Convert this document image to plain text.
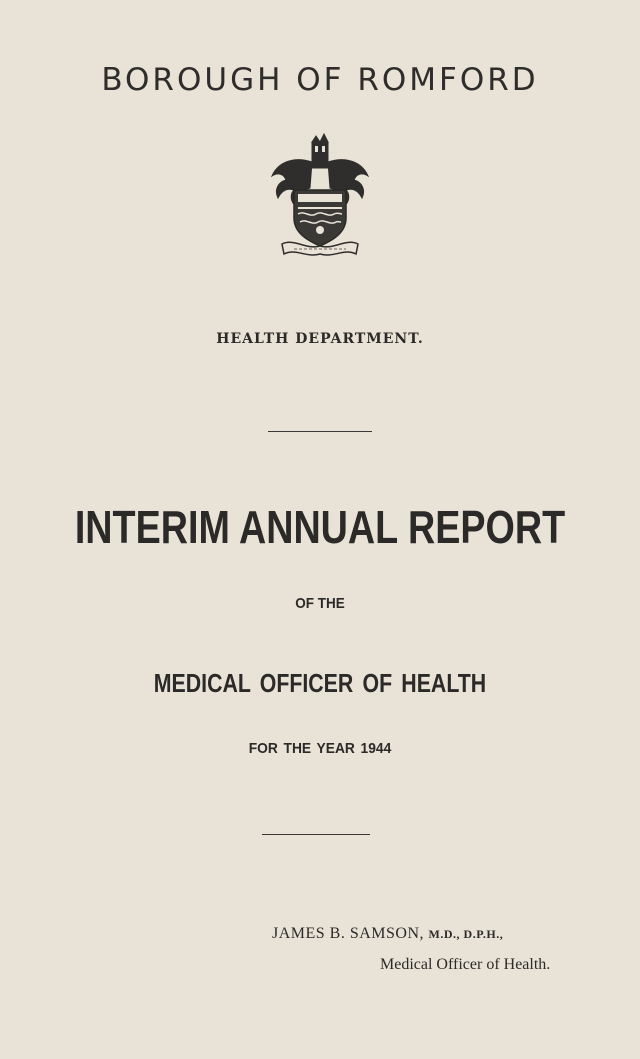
BOROUGH OF ROMFORD
HEALTH DEPARTMENT.
INTERIM ANNUAL REPORT
OF THE
MEDICAL OFFICER OF HEALTH
FOR THE YEAR 1944
JAMES B. SAMSON, M.D., D.P.H.,
Medical Officer of Health.
